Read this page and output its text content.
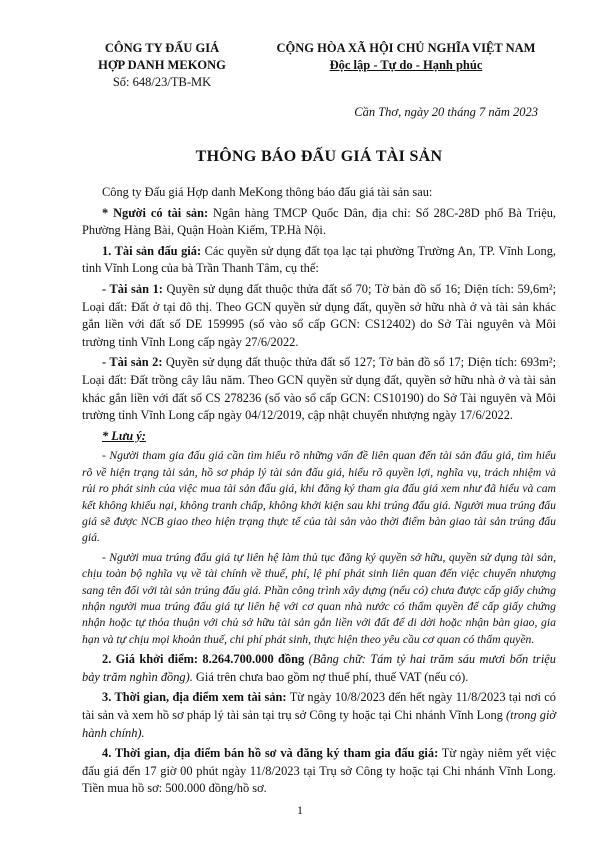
CÔNG TY ĐẤU GIÁ
HỢP DANH MEKONG
Số: 648/23/TB-MK
CỘNG HÒA XÃ HỘI CHỦ NGHĨA VIỆT NAM
Độc lập - Tự do - Hạnh phúc
Cần Thơ, ngày 20 tháng 7 năm 2023
THÔNG BÁO ĐẤU GIÁ TÀI SẢN

Công ty Đấu giá Hợp danh MeKong thông báo đấu giá tài sản sau:

* Người có tài sản: Ngân hàng TMCP Quốc Dân, địa chỉ: Số 28C-28D phố Bà Triệu, Phường Hàng Bài, Quận Hoàn Kiếm, TP.Hà Nội.

1. Tài sản đấu giá: Các quyền sử dụng đất tọa lạc tại phường Trường An, TP. Vĩnh Long, tỉnh Vĩnh Long của bà Trần Thanh Tâm, cụ thể:

- Tài sản 1: Quyền sử dụng đất thuộc thửa đất số 70; Tờ bản đồ số 16; Diện tích: 59,6m²; Loại đất: Đất ở tại đô thị. Theo GCN quyền sử dụng đất, quyền sở hữu nhà ở và tài sản khác gắn liền với đất số DE 159995 (số vào sổ cấp GCN: CS12402) do Sở Tài nguyên và Môi trường tỉnh Vĩnh Long cấp ngày 27/6/2022.

- Tài sản 2: Quyền sử dụng đất thuộc thửa đất số 127; Tờ bản đồ số 17; Diện tích: 693m²; Loại đất: Đất trồng cây lâu năm. Theo GCN quyền sử dụng đất, quyền sở hữu nhà ở và tài sản khác gắn liền với đất số CS 278236 (số vào sổ cấp GCN: CS10190) do Sở Tài nguyên và Môi trường tỉnh Vĩnh Long cấp ngày 04/12/2019, cập nhật chuyển nhượng ngày 17/6/2022.

* Lưu ý:

- Người tham gia đấu giá cần tìm hiểu rõ những vấn đề liên quan đến tài sản đấu giá, tìm hiểu rõ về hiện trạng tài sản, hồ sơ pháp lý tài sản đấu giá, hiểu rõ quyền lợi, nghĩa vụ, trách nhiệm và rủi ro phát sinh của việc mua tài sản đấu giá, khi đăng ký tham gia đấu giá xem như đã hiểu và cam kết không khiếu nại, không tranh chấp, không khởi kiện sau khi trúng đấu giá. Người mua trúng đấu giá sẽ được NCB giao theo hiện trạng thực tế của tài sản vào thời điểm bàn giao tài sản trúng đấu giá.

- Người mua trúng đấu giá tự liên hệ làm thủ tục đăng ký quyền sở hữu, quyền sử dụng tài sản, chịu toàn bộ nghĩa vụ về tài chính về thuế, phí, lệ phí phát sinh liên quan đến việc chuyển nhượng sang tên đối với tài sản trúng đấu giá. Phần công trình xây dựng (nếu có) chưa được cấp giấy chứng nhận người mua trúng đấu giá tự liên hệ với cơ quan nhà nước có thẩm quyền để cấp giấy chứng nhận hoặc tự thỏa thuận với chủ sở hữu tài sản gắn liền với đất để di dời hoặc nhận bàn giao, gia hạn và tự chịu mọi khoản thuế, chi phí phát sinh, thực hiện theo yêu cầu cơ quan có thẩm quyền.

2. Giá khởi điểm: 8.264.700.000 đồng (Bằng chữ: Tám tỷ hai trăm sáu mươi bốn triệu bảy trăm nghìn đồng). Giá trên chưa bao gồm nợ thuế phí, thuế VAT (nếu có).

3. Thời gian, địa điểm xem tài sản: Từ ngày 10/8/2023 đến hết ngày 11/8/2023 tại nơi có tài sản và xem hồ sơ pháp lý tài sản tại trụ sở Công ty hoặc tại Chi nhánh Vĩnh Long (trong giờ hành chính).

4. Thời gian, địa điểm bán hồ sơ và đăng ký tham gia đấu giá: Từ ngày niêm yết việc đấu giá đến 17 giờ 00 phút ngày 11/8/2023 tại Trụ sở Công ty hoặc tại Chi nhánh Vĩnh Long. Tiền mua hồ sơ: 500.000 đồng/hồ sơ.

1
